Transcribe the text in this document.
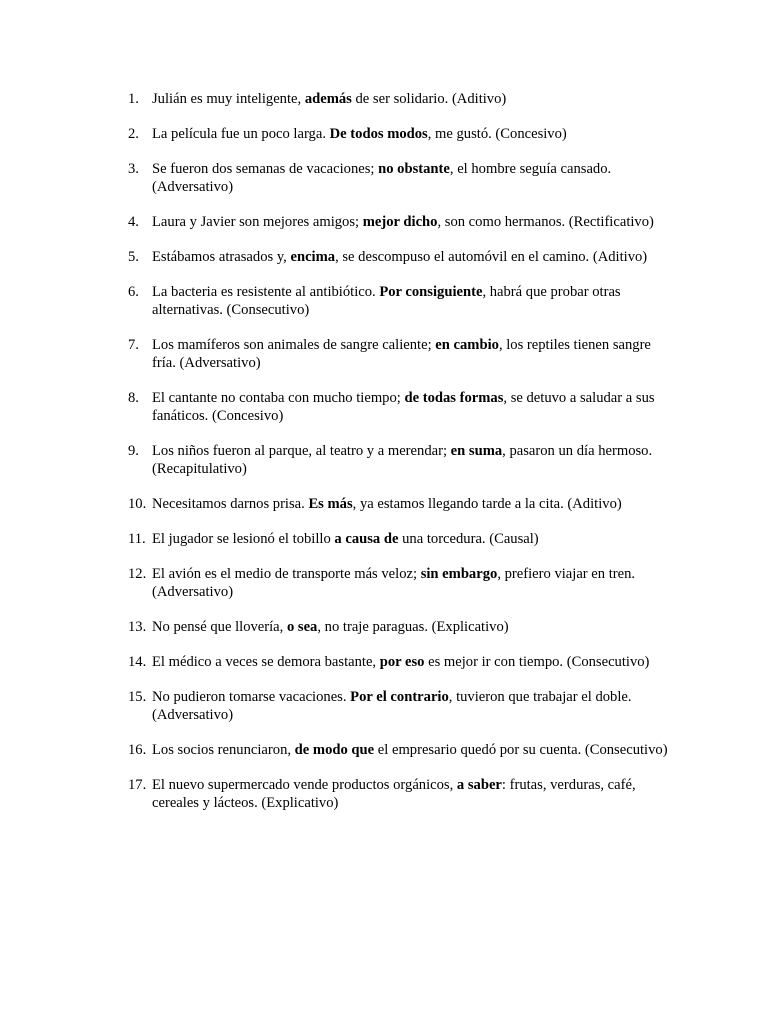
1. Julián es muy inteligente, además de ser solidario. (Aditivo)
2. La película fue un poco larga. De todos modos, me gustó. (Concesivo)
3. Se fueron dos semanas de vacaciones; no obstante, el hombre seguía cansado. (Adversativo)
4. Laura y Javier son mejores amigos; mejor dicho, son como hermanos. (Rectificativo)
5. Estábamos atrasados y, encima, se descompuso el automóvil en el camino. (Aditivo)
6. La bacteria es resistente al antibiótico. Por consiguiente, habrá que probar otras alternativas. (Consecutivo)
7. Los mamíferos son animales de sangre caliente; en cambio, los reptiles tienen sangre fría. (Adversativo)
8. El cantante no contaba con mucho tiempo; de todas formas, se detuvo a saludar a sus fanáticos. (Concesivo)
9. Los niños fueron al parque, al teatro y a merendar; en suma, pasaron un día hermoso. (Recapitulativo)
10. Necesitamos darnos prisa. Es más, ya estamos llegando tarde a la cita. (Aditivo)
11. El jugador se lesionó el tobillo a causa de una torcedura. (Causal)
12. El avión es el medio de transporte más veloz; sin embargo, prefiero viajar en tren. (Adversativo)
13. No pensé que llovería, o sea, no traje paraguas. (Explicativo)
14. El médico a veces se demora bastante, por eso es mejor ir con tiempo. (Consecutivo)
15. No pudieron tomarse vacaciones. Por el contrario, tuvieron que trabajar el doble. (Adversativo)
16. Los socios renunciaron, de modo que el empresario quedó por su cuenta. (Consecutivo)
17. El nuevo supermercado vende productos orgánicos, a saber: frutas, verduras, café, cereales y lácteos. (Explicativo)
